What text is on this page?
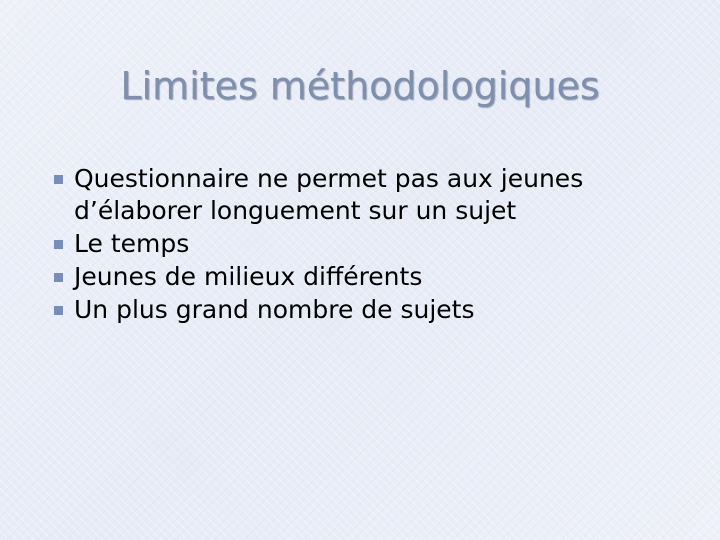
Limites méthodologiques
Questionnaire ne permet pas aux jeunes d’élaborer longuement sur un sujet
Le temps
Jeunes de milieux différents
Un plus grand nombre de sujets
